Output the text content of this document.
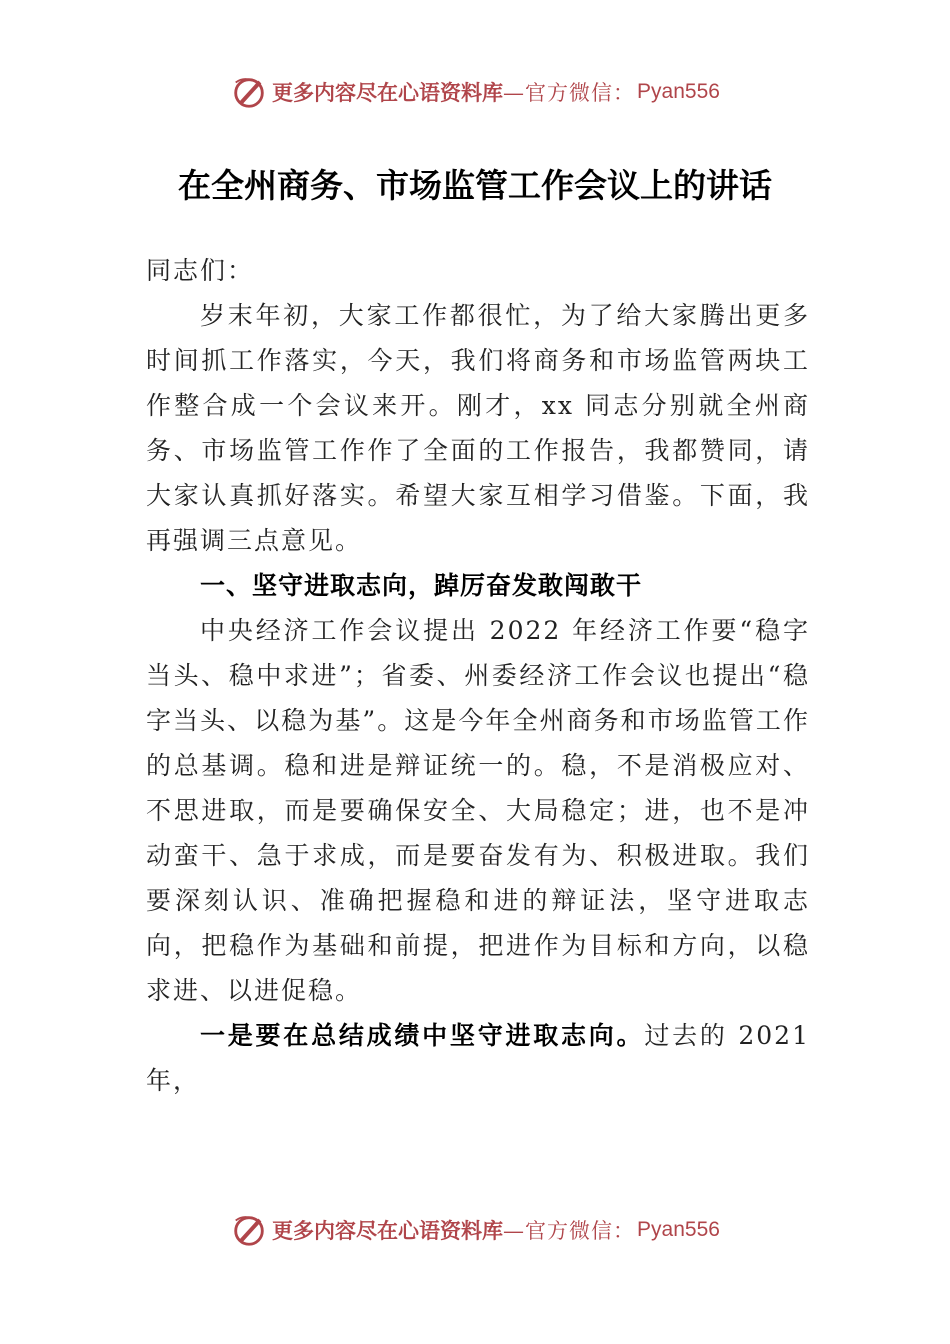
更多内容尽在心语资料库 —官方微信： Pyan556
在全州商务、市场监管工作会议上的讲话

同志们：

岁末年初，大家工作都很忙，为了给大家腾出更多时间抓工作落实，今天，我们将商务和市场监管两块工作整合成一个会议来开。刚才，xx 同志分别就全州商务、市场监管工作作了全面的工作报告，我都赞同，请大家认真抓好落实。希望大家互相学习借鉴。下面，我再强调三点意见。

一、坚守进取志向，踔厉奋发敢闯敢干

中央经济工作会议提出 2022 年经济工作要“稳字当头、稳中求进”；省委、州委经济工作会议也提出“稳字当头、以稳为基”。这是今年全州商务和市场监管工作的总基调。稳和进是辩证统一的。稳，不是消极应对、不思进取，而是要确保安全、大局稳定；进，也不是冲动蛮干、急于求成，而是要奋发有为、积极进取。我们要深刻认识、准确把握稳和进的辩证法，坚守进取志向，把稳作为基础和前提，把进作为目标和方向，以稳求进、以进促稳。

一是要在总结成绩中坚守进取志向。过去的 2021 年，

更多内容尽在心语资料库 —官方微信： Pyan556
